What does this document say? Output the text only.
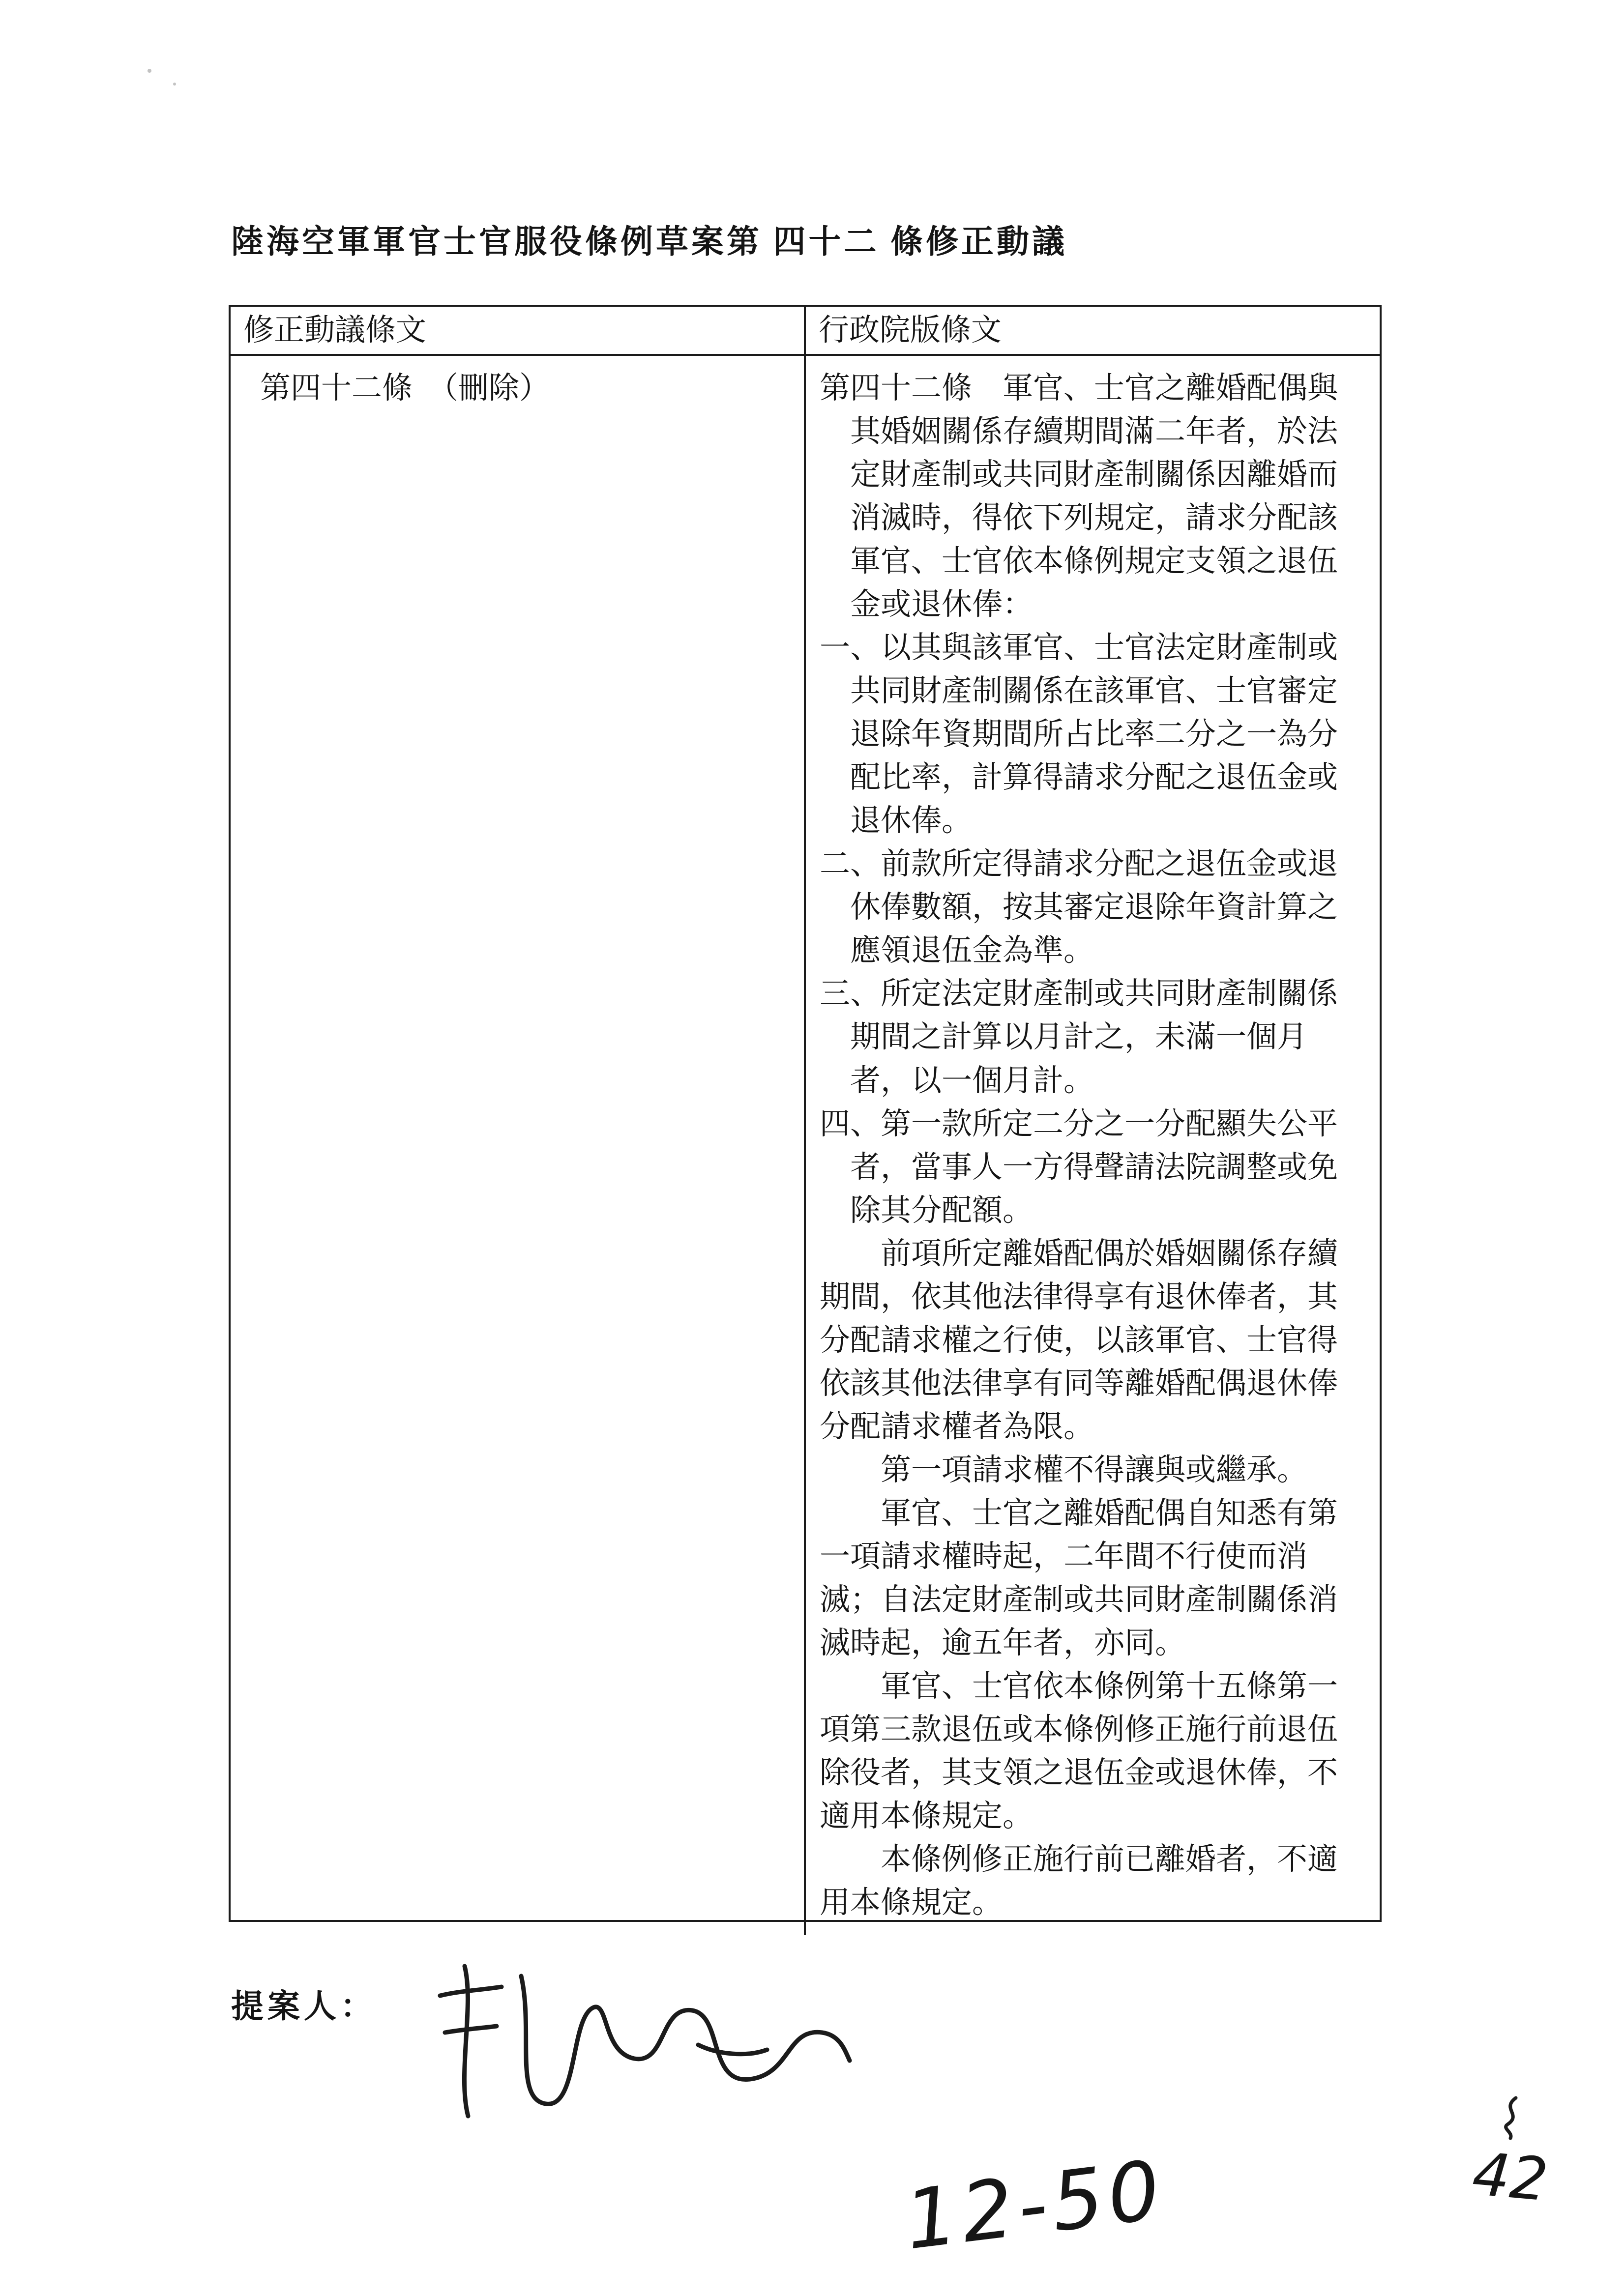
陸海空軍軍官士官服役條例草案第 四十二 條修正動議
修正動議條文	行政院版條文
第四十二條　（刪除）	第四十二條　軍官、士官之離婚配偶與其婚姻關係存續期間滿二年者，於法定財產制或共同財產制關係因離婚而消滅時，得依下列規定，請求分配該軍官、士官依本條例規定支領之退伍金或退休俸：
一、以其與該軍官、士官法定財產制或共同財產制關係在該軍官、士官審定退除年資期間所占比率二分之一為分配比率，計算得請求分配之退伍金或退休俸。
二、前款所定得請求分配之退伍金或退休俸數額，按其審定退除年資計算之應領退伍金為準。
三、所定法定財產制或共同財產制關係期間之計算以月計之，未滿一個月者，以一個月計。
四、第一款所定二分之一分配顯失公平者，當事人一方得聲請法院調整或免除其分配額。
前項所定離婚配偶於婚姻關係存續期間，依其他法律得享有退休俸者，其分配請求權之行使，以該軍官、士官得依該其他法律享有同等離婚配偶退休俸分配請求權者為限。
第一項請求權不得讓與或繼承。
軍官、士官之離婚配偶自知悉有第一項請求權時起，二年間不行使而消滅；自法定財產制或共同財產制關係消滅時起，逾五年者，亦同。
軍官、士官依本條例第十五條第一項第三款退伍或本條例修正施行前退伍除役者，其支領之退伍金或退休俸，不適用本條規定。
本條例修正施行前已離婚者，不適用本條規定。
提案人：
12-50	42
